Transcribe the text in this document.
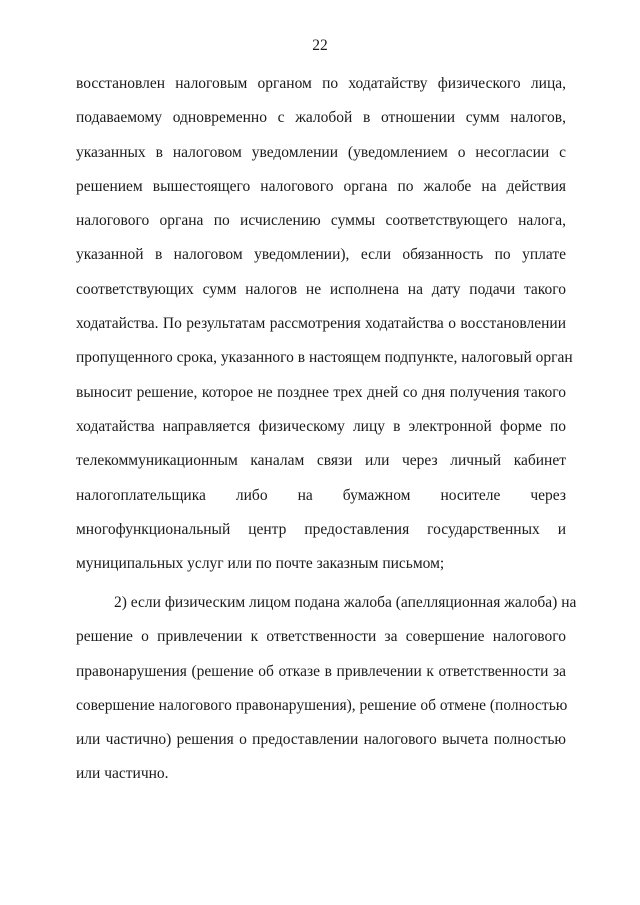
22
восстановлен налоговым органом по ходатайству физического лица,
подаваемому одновременно с жалобой в отношении сумм налогов,
указанных в налоговом уведомлении (уведомлением о несогласии с
решением вышестоящего налогового органа по жалобе на действия
налогового органа по исчислению суммы соответствующего налога,
указанной в налоговом уведомлении), если обязанность по уплате
соответствующих сумм налогов не исполнена на дату подачи такого
ходатайства. По результатам рассмотрения ходатайства о восстановлении
пропущенного срока, указанного в настоящем подпункте, налоговый орган
выносит решение, которое не позднее трех дней со дня получения такого
ходатайства направляется физическому лицу в электронной форме по
телекоммуникационным каналам связи или через личный кабинет
налогоплательщика либо на бумажном носителе через
многофункциональный центр предоставления государственных и
муниципальных услуг или по почте заказным письмом;
2) если физическим лицом подана жалоба (апелляционная жалоба) на
решение о привлечении к ответственности за совершение налогового
правонарушения (решение об отказе в привлечении к ответственности за
совершение налогового правонарушения), решение об отмене (полностью
или частично) решения о предоставлении налогового вычета полностью
или частично.
